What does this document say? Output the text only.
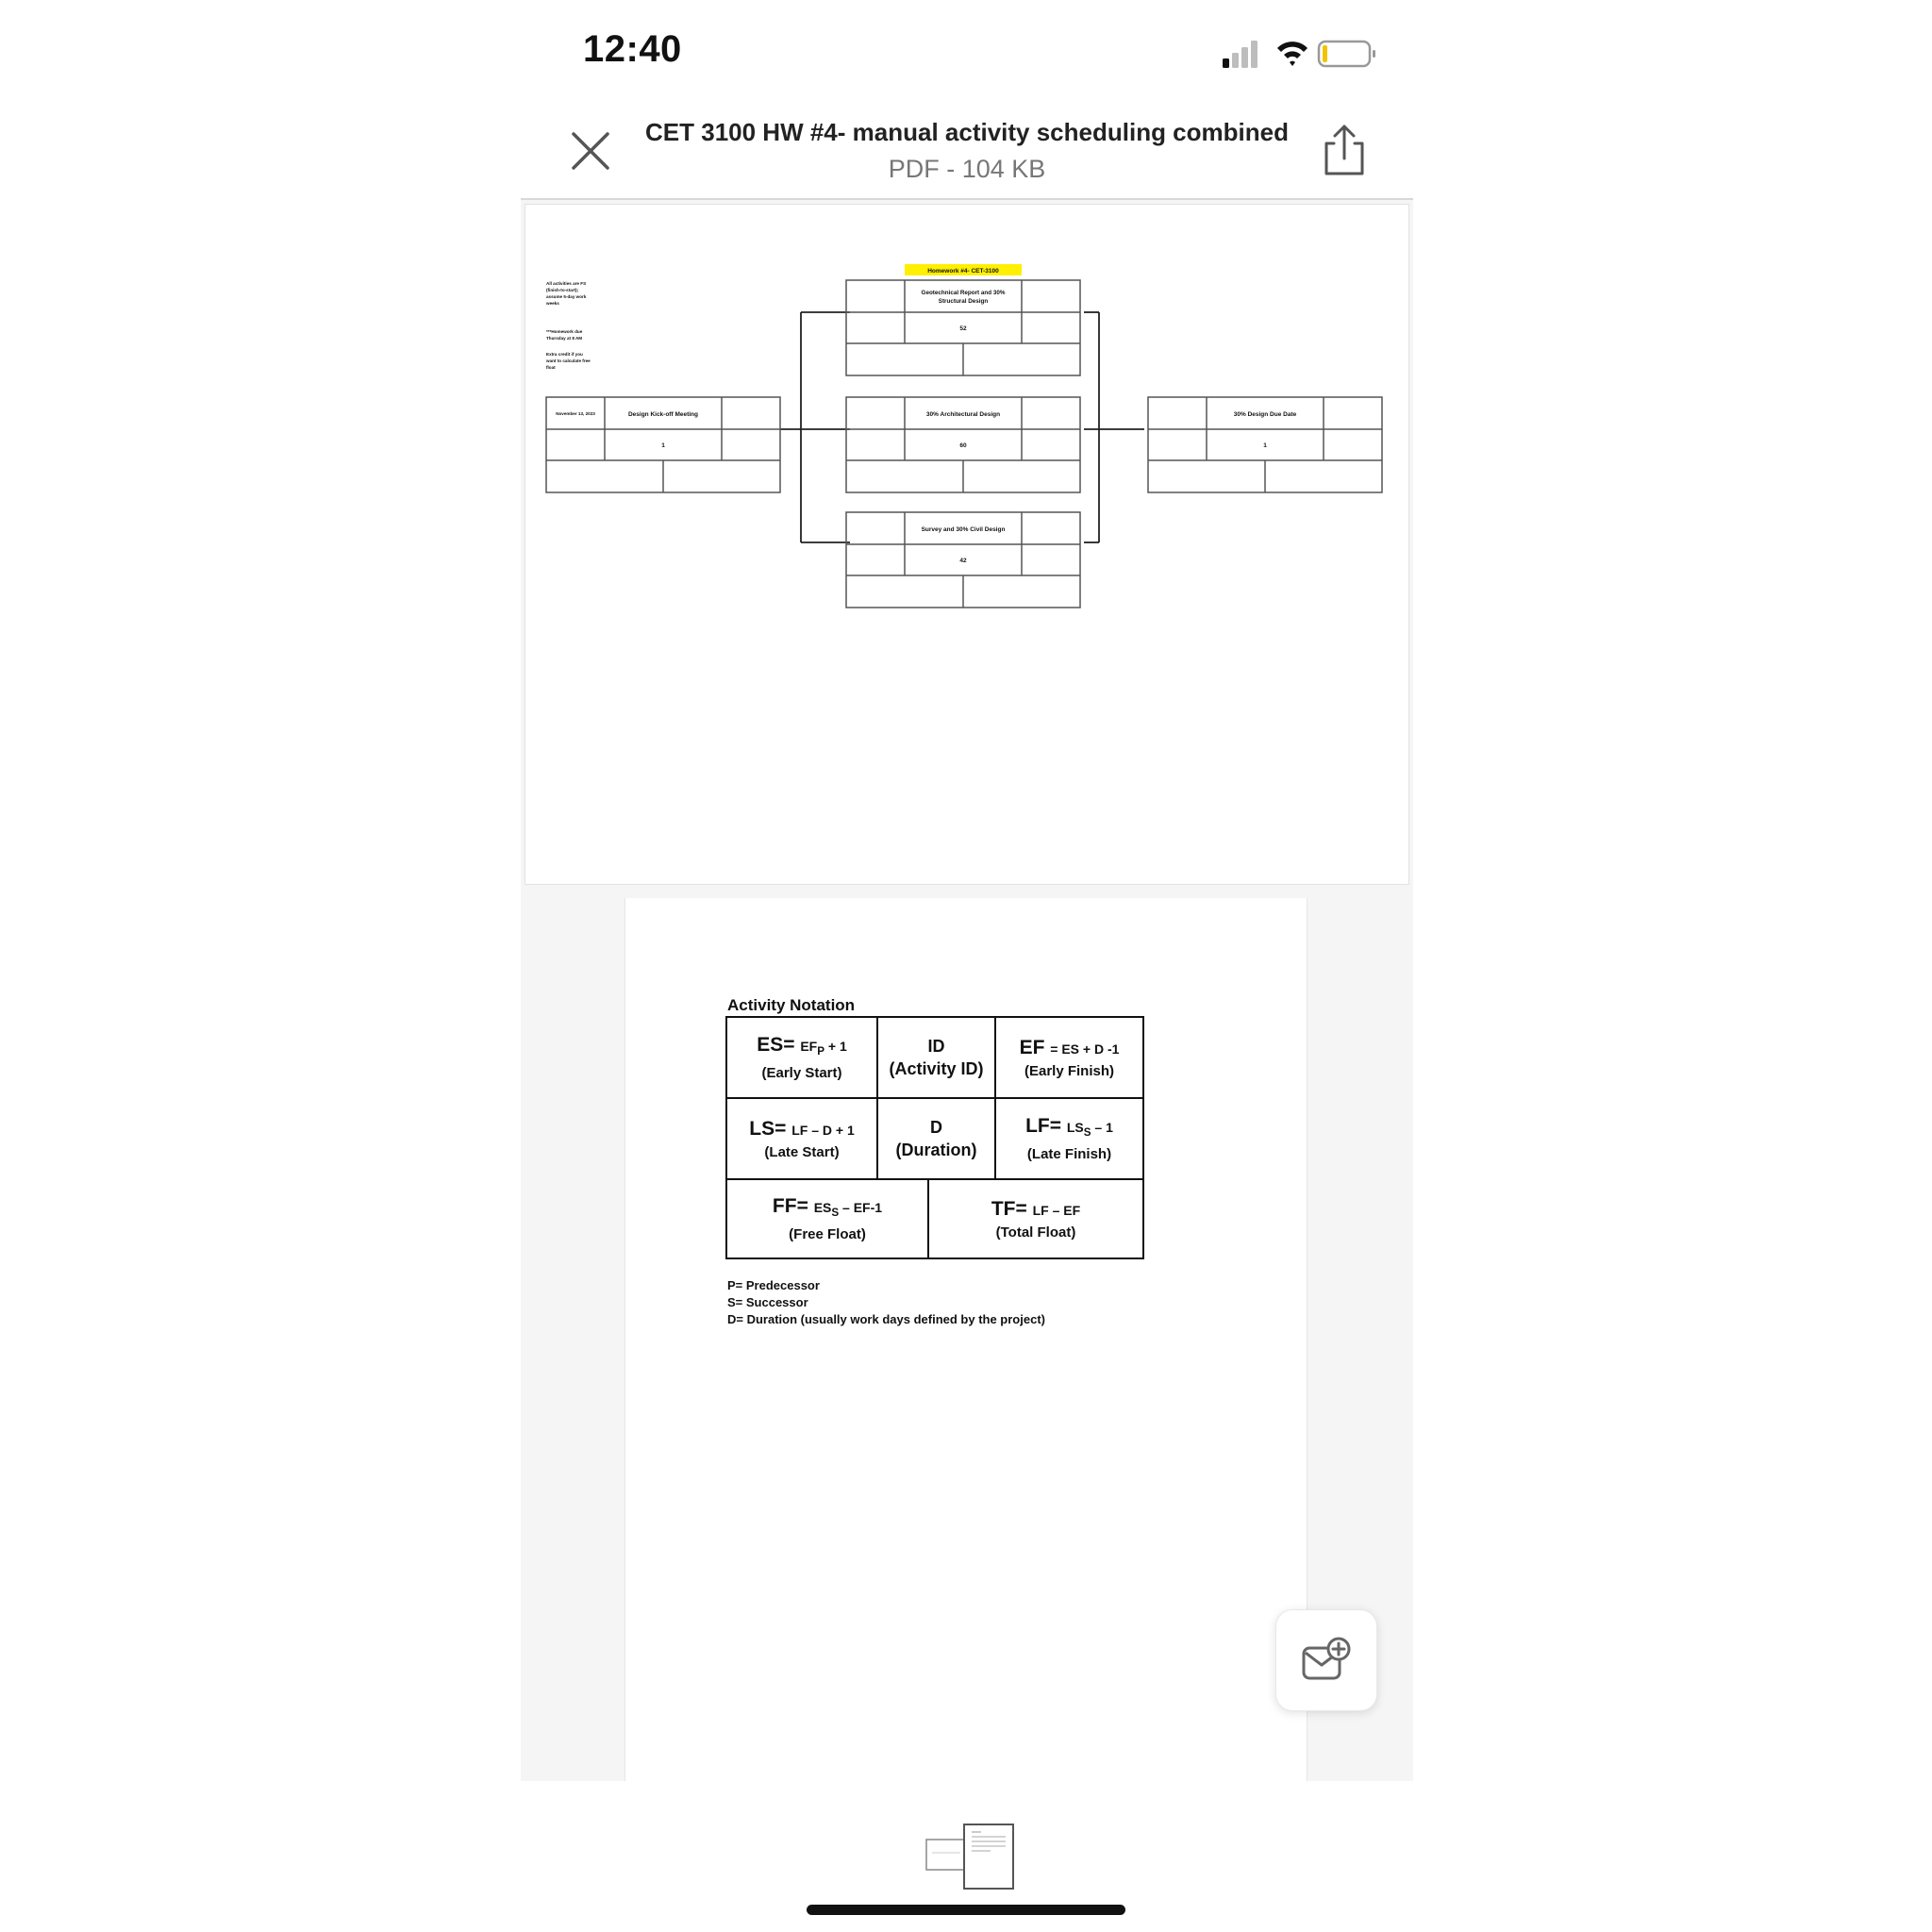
12:40
CET 3100 HW #4- manual activity scheduling combined
PDF - 104 KB
Homework #4- CET-3100
All activities are FS
(finish-to-start);
assume 5-day work
weeks
***Homework due
Thursday at 8 AM
Extra credit if you
want to calculate free
float
November 13, 2023	Design Kick-off Meeting
1
Geotechnical Report and 30%
Structural Design
52
30% Architectural Design
60
Survey and 30% Civil Design
42
30% Design Due Date
1
Activity Notation
$ES= EF_P + 1$
(Early Start)
ID
(Activity ID)
EF = ES + D -1
(Early Finish)
LS= LF – D + 1
(Late Start)
D
(Duration)
$LF= LS_S - 1$
(Late Finish)
$FF= ES_S - EF-1$
(Free Float)
TF= LF – EF
(Total Float)
P= Predecessor
S= Successor
D= Duration (usually work days defined by the project)
